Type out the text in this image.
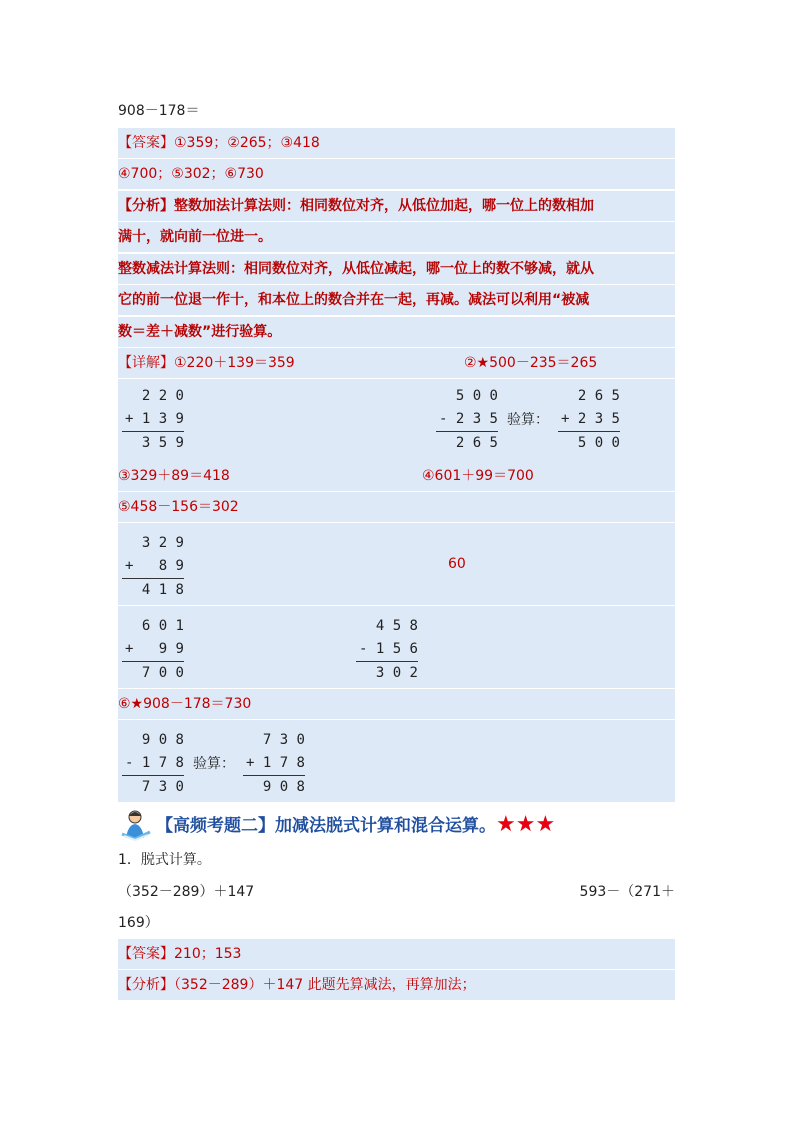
908－178＝
【答案】①359；②265；③418
④700；⑤302；⑥730
【分析】整数加法计算法则：相同数位对齐，从低位加起，哪一位上的数相加
满十，就向前一位进一。
整数减法计算法则：相同数位对齐，从低位减起，哪一位上的数不够减，就从
它的前一位退一作十，和本位上的数合并在一起，再减。减法可以利用“被减
数＝差＋减数”进行验算。
【详解】①220＋139＝359	②★500－235＝265
2 2 0
+ 1 3 9
3 5 9
5 0 0
- 2 3 5
2 6 5
验算：
2 6 5
+ 2 3 5
5 0 0
③329＋89＝418	④601＋99＝700
⑤458－156＝302
3 2 9
+   8 9
4 1 8
60
6 0 1
+   9 9
7 0 0
4 5 8
- 1 5 6
3 0 2
⑥★908－178＝730
9 0 8
- 1 7 8
7 3 0
验算：
7 3 0
+ 1 7 8
9 0 8
【高频考题二】加减法脱式计算和混合运算。★★★
1．脱式计算。
（352－289）＋147	593－（271＋
169）
【答案】210；153
【分析】（352－289）＋147 此题先算减法，再算加法；
